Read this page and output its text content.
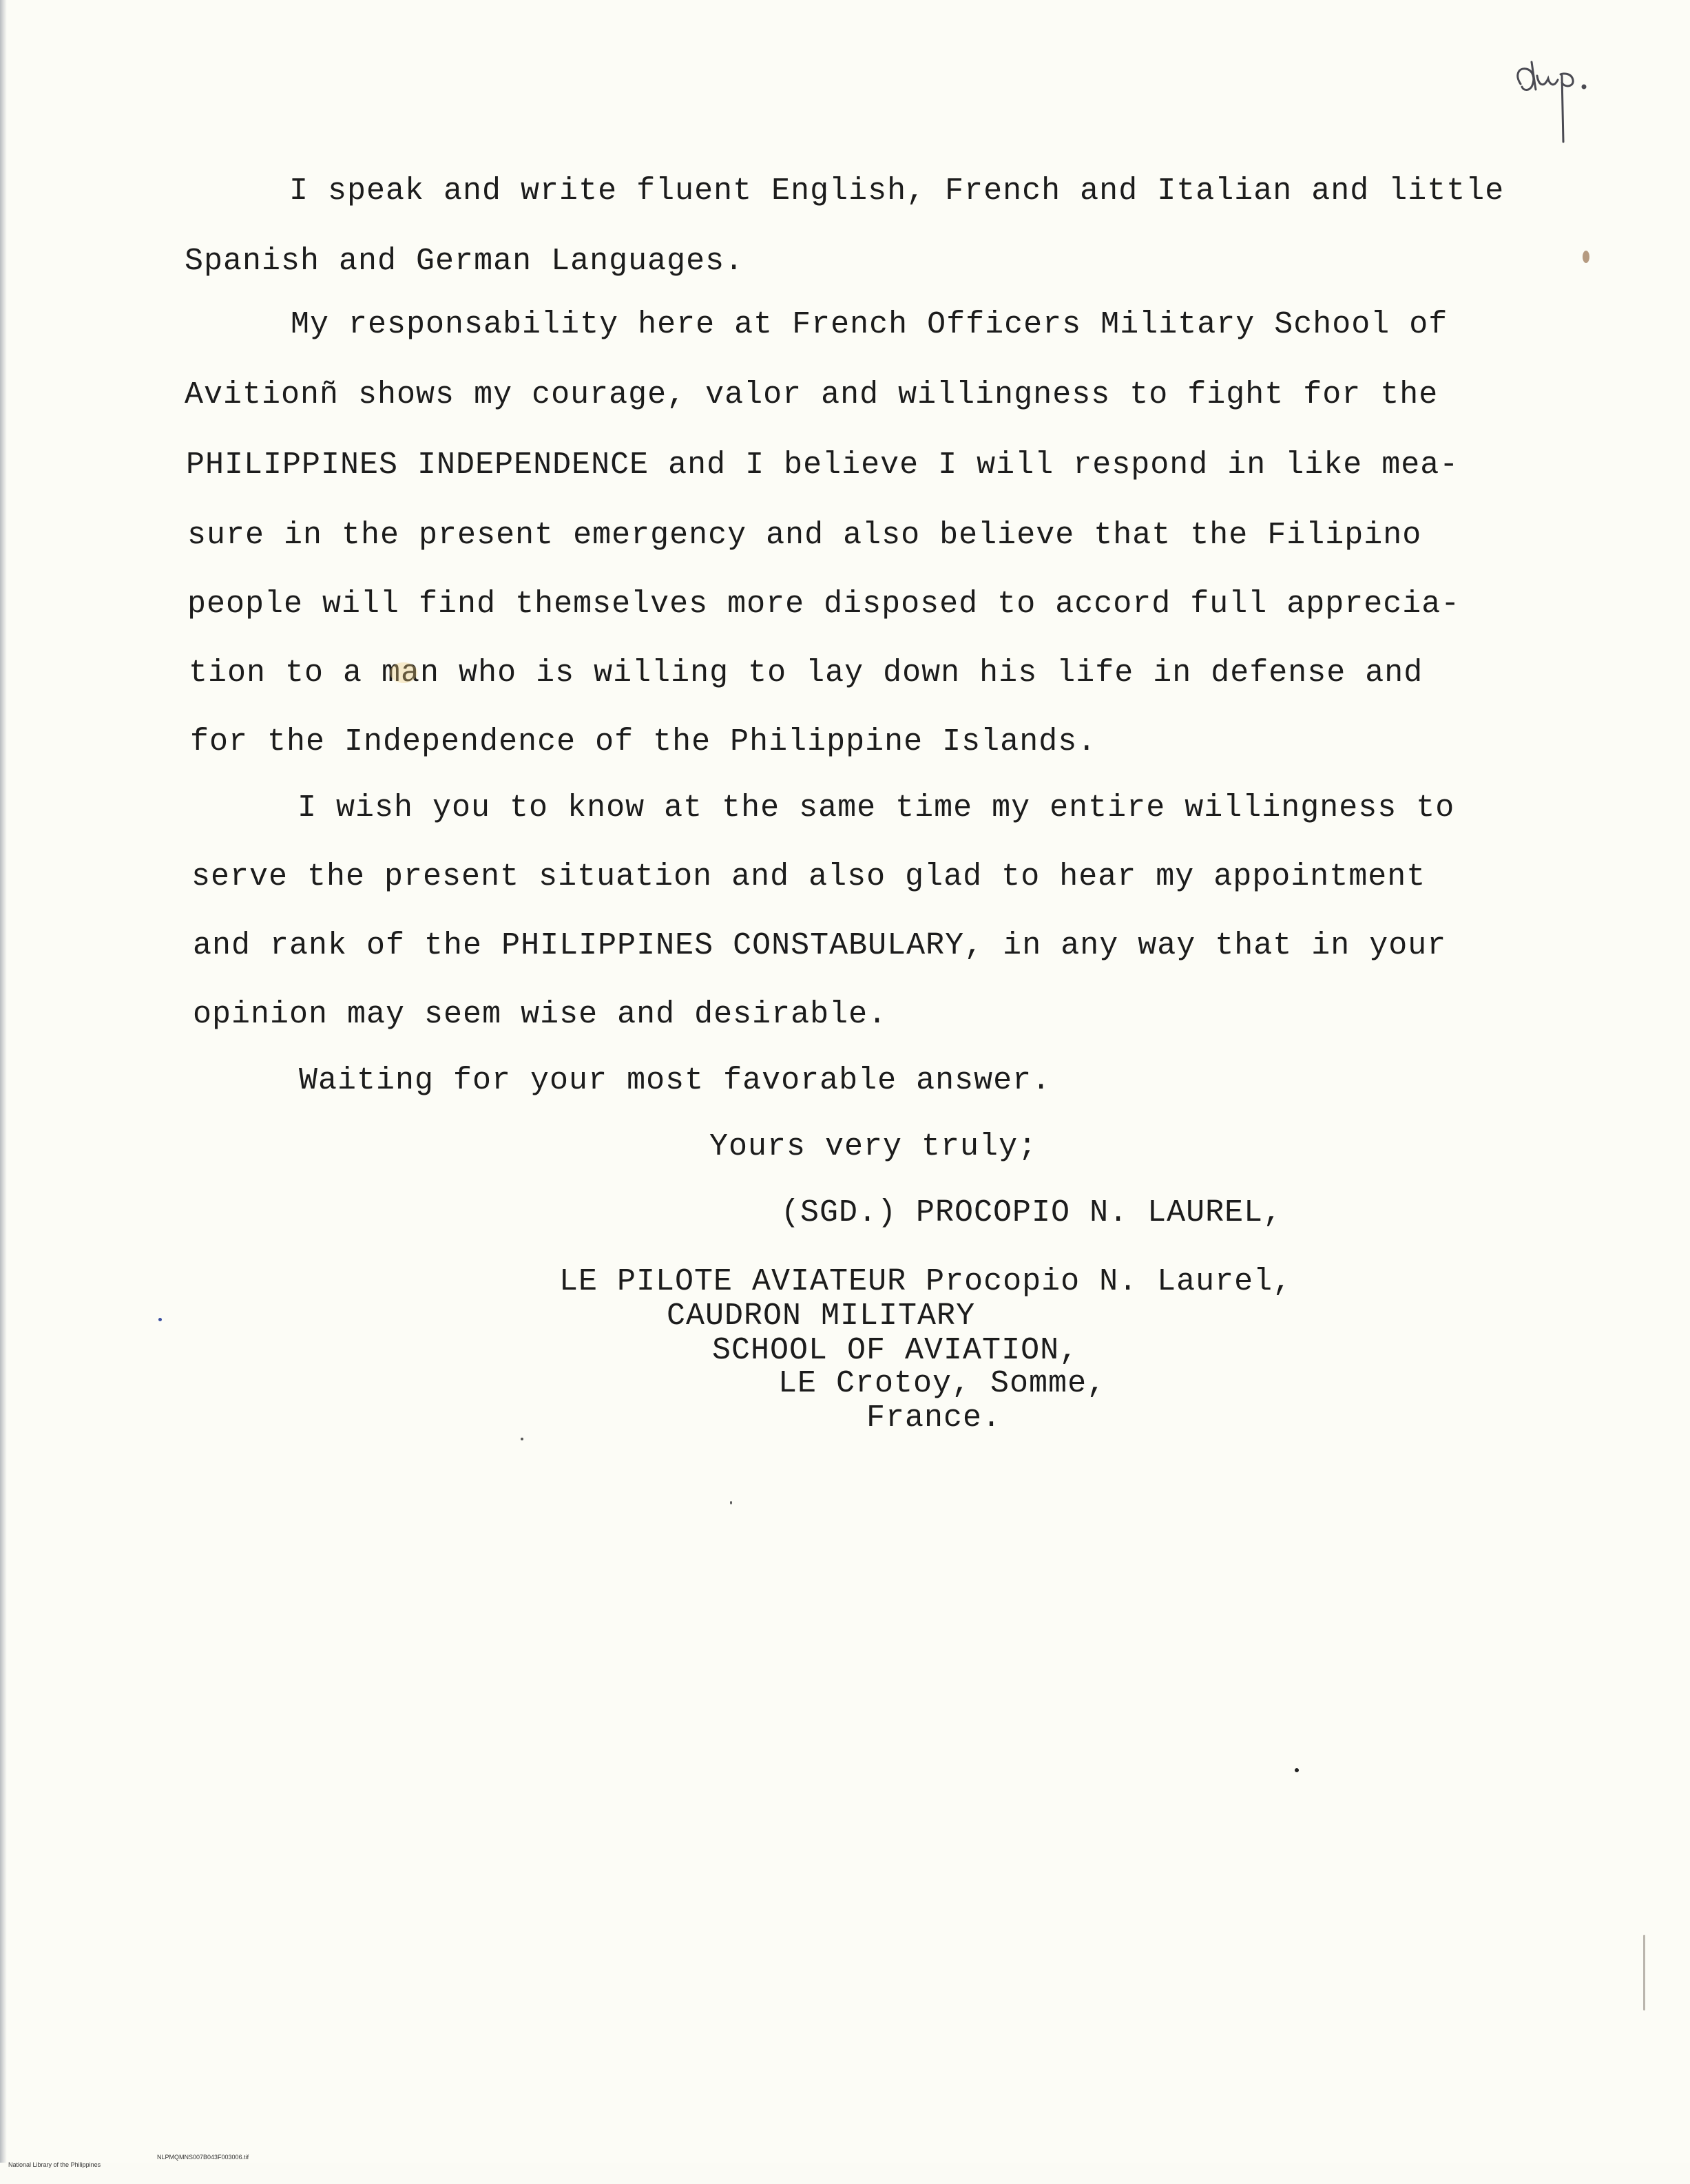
I speak and write fluent English, French and Italian and little
Spanish and German Languages.
My responsability here at French Officers Military School of
Avitionñ shows my courage, valor and willingness to fight for the
PHILIPPINES INDEPENDENCE and I believe I will respond in like mea-
sure in the present emergency and also believe that the Filipino
people will find themselves more disposed to accord full apprecia-
tion to a man who is willing to lay down his life in defense and
for the Independence of the Philippine Islands.
I wish you to know at the same time my entire willingness to
serve the present situation and also glad to hear my appointment
and rank of the PHILIPPINES CONSTABULARY, in any way that in your
opinion may seem wise and desirable.
Waiting for your most favorable answer.
Yours very truly;
(SGD.) PROCOPIO N. LAUREL,
LE PILOTE AVIATEUR Procopio N. Laurel,
CAUDRON MILITARY
SCHOOL OF AVIATION,
LE Crotoy, Somme,
France.

National Library of the Philippines

NLPMQMNS007B043F003006.tif
